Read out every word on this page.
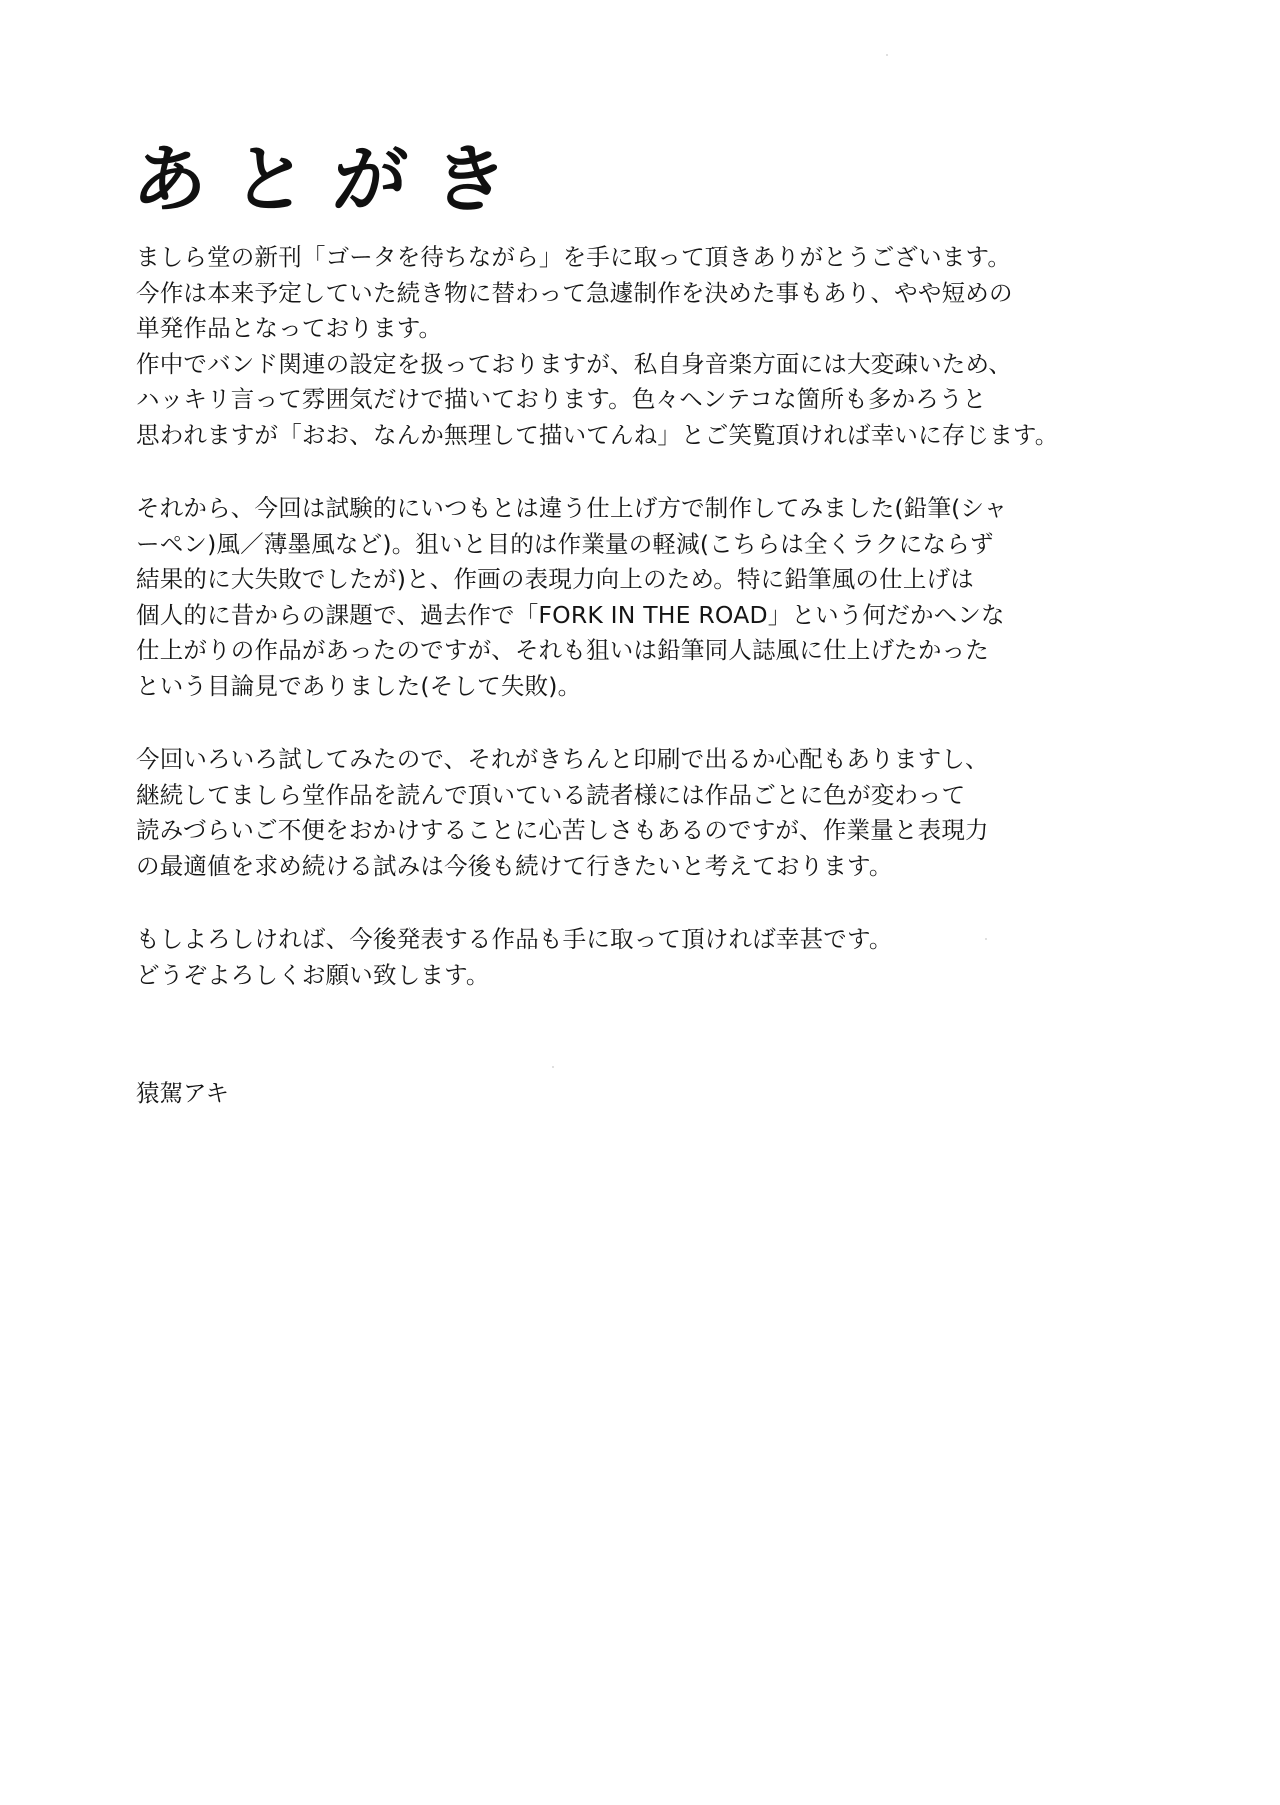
あとがき
ましら堂の新刊「ゴータを待ちながら」を手に取って頂きありがとうございます。
今作は本来予定していた続き物に替わって急遽制作を決めた事もあり、やや短めの
単発作品となっております。
作中でバンド関連の設定を扱っておりますが、私自身音楽方面には大変疎いため、
ハッキリ言って雰囲気だけで描いております。色々ヘンテコな箇所も多かろうと
思われますが「おお、なんか無理して描いてんね」とご笑覧頂ければ幸いに存じます。
それから、今回は試験的にいつもとは違う仕上げ方で制作してみました(鉛筆(シャ
ーペン)風／薄墨風など)。狙いと目的は作業量の軽減(こちらは全くラクにならず
結果的に大失敗でしたが)と、作画の表現力向上のため。特に鉛筆風の仕上げは
個人的に昔からの課題で、過去作で「FORK IN THE ROAD」という何だかヘンな
仕上がりの作品があったのですが、それも狙いは鉛筆同人誌風に仕上げたかった
という目論見でありました(そして失敗)。
今回いろいろ試してみたので、それがきちんと印刷で出るか心配もありますし、
継続してましら堂作品を読んで頂いている読者様には作品ごとに色が変わって
読みづらいご不便をおかけすることに心苦しさもあるのですが、作業量と表現力
の最適値を求め続ける試みは今後も続けて行きたいと考えております。
もしよろしければ、今後発表する作品も手に取って頂ければ幸甚です。
どうぞよろしくお願い致します。
猿駕アキ
